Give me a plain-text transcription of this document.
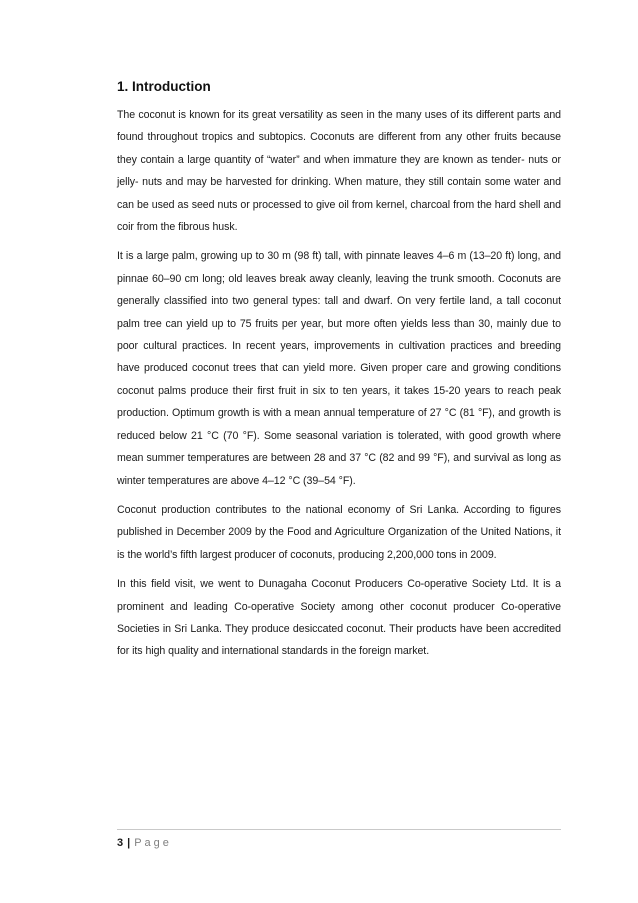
1. Introduction

The coconut is known for its great versatility as seen in the many uses of its different parts and found throughout tropics and subtopics. Coconuts are different from any other fruits because they contain a large quantity of “water” and when immature they are known as tender- nuts or jelly- nuts and may be harvested for drinking. When mature, they still contain some water and can be used as seed nuts or processed to give oil from kernel, charcoal from the hard shell and coir from the fibrous husk.

It is a large palm, growing up to 30 m (98 ft) tall, with pinnate leaves 4–6 m (13–20 ft) long, and pinnae 60–90 cm long; old leaves break away cleanly, leaving the trunk smooth. Coconuts are generally classified into two general types: tall and dwarf. On very fertile land, a tall coconut palm tree can yield up to 75 fruits per year, but more often yields less than 30, mainly due to poor cultural practices. In recent years, improvements in cultivation practices and breeding have produced coconut trees that can yield more. Given proper care and growing conditions coconut palms produce their first fruit in six to ten years, it takes 15-20 years to reach peak production. Optimum growth is with a mean annual temperature of 27 °C (81 °F), and growth is reduced below 21 °C (70 °F). Some seasonal variation is tolerated, with good growth where mean summer temperatures are between 28 and 37 °C (82 and 99 °F), and survival as long as winter temperatures are above 4–12 °C (39–54 °F).

Coconut production contributes to the national economy of Sri Lanka. According to figures published in December 2009 by the Food and Agriculture Organization of the United Nations, it is the world’s fifth largest producer of coconuts, producing 2,200,000 tons in 2009.

In this field visit, we went to Dunagaha Coconut Producers Co-operative Society Ltd. It is a prominent and leading Co-operative Society among other coconut producer Co-operative Societies in Sri Lanka. They produce desiccated coconut. Their products have been accredited for its high quality and international standards in the foreign market.

3 | Page
